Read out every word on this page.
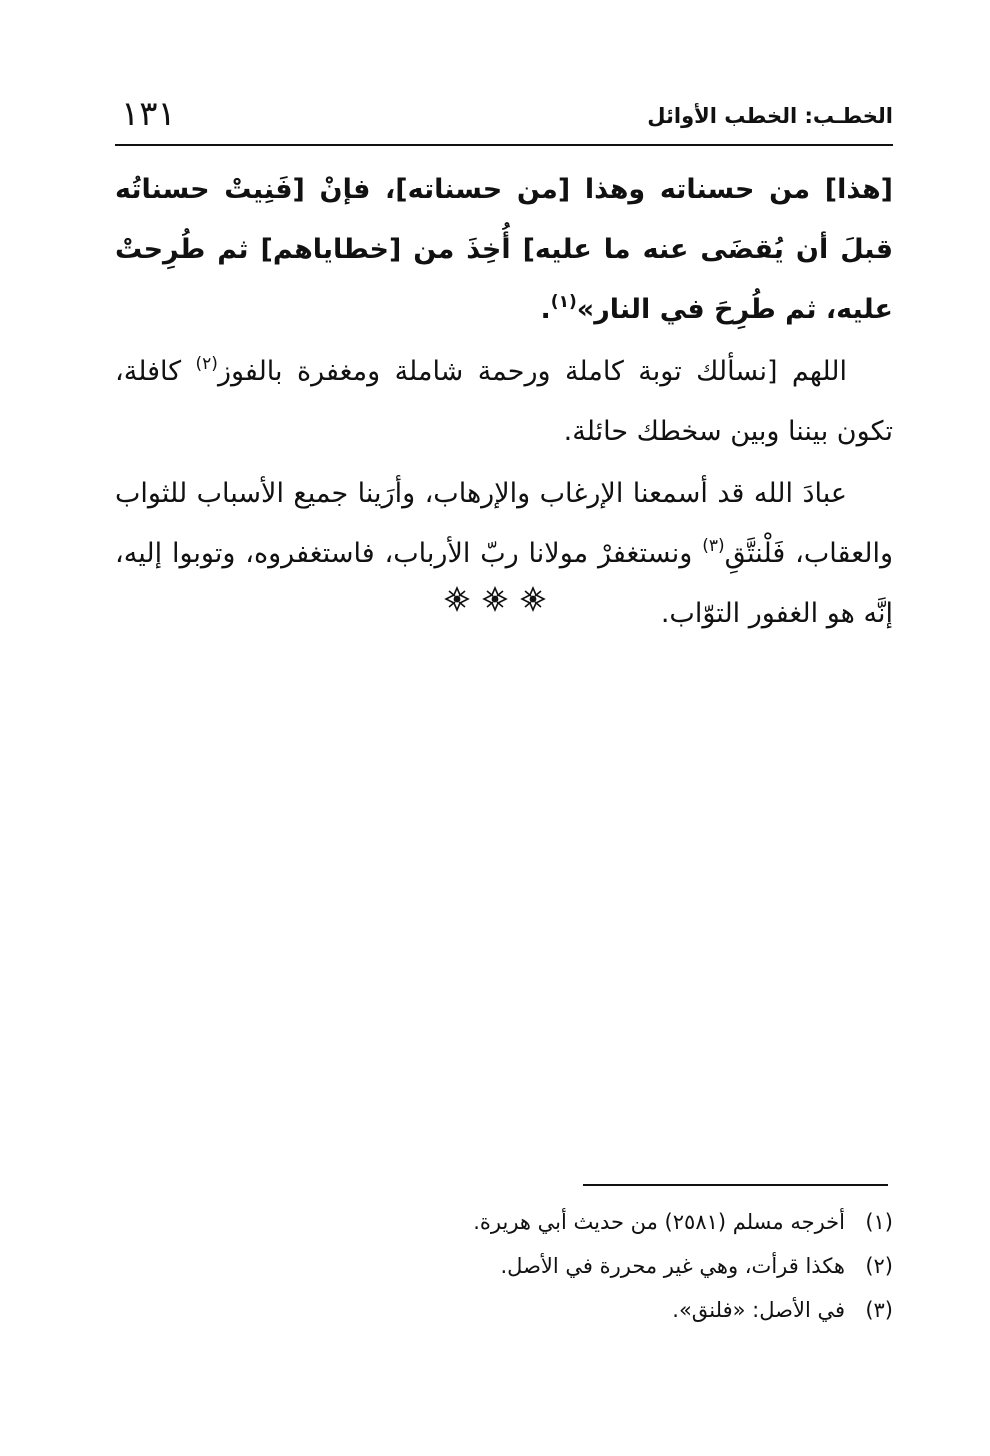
الخطـب: الخطب الأوائل
١٣١

[هذا] من حسناته وهذا [من حسناته]، فإنْ [فَنِيتْ حسناتُه قبلَ أن يُقضَى عنه ما عليه] أُخِذَ من [خطاياهم] ثم طُرِحتْ عليه، ثم طُرِحَ في النار»$^{(١)}$.

اللهم [نسألك توبة كاملة ورحمة شاملة ومغفرة بالفوز$^{(٢)}$ كافلة، تكون بيننا وبين سخطك حائلة.

عبادَ الله قد أسمعنا الإرغاب والإرهاب، وأرَينا جميع الأسباب للثواب والعقاب، فَلْنتَّقِ$^{(٣)}$ ونستغفرْ مولانا ربّ الأرباب، فاستغفروه، وتوبوا إليه، إنَّه هو الغفور التوّاب.

(١)
أخرجه مسلم (٢٥٨١) من حديث أبي هريرة.
(٢)
هكذا قرأت، وهي غير محررة في الأصل.
(٣)
في الأصل: «فلنق».
